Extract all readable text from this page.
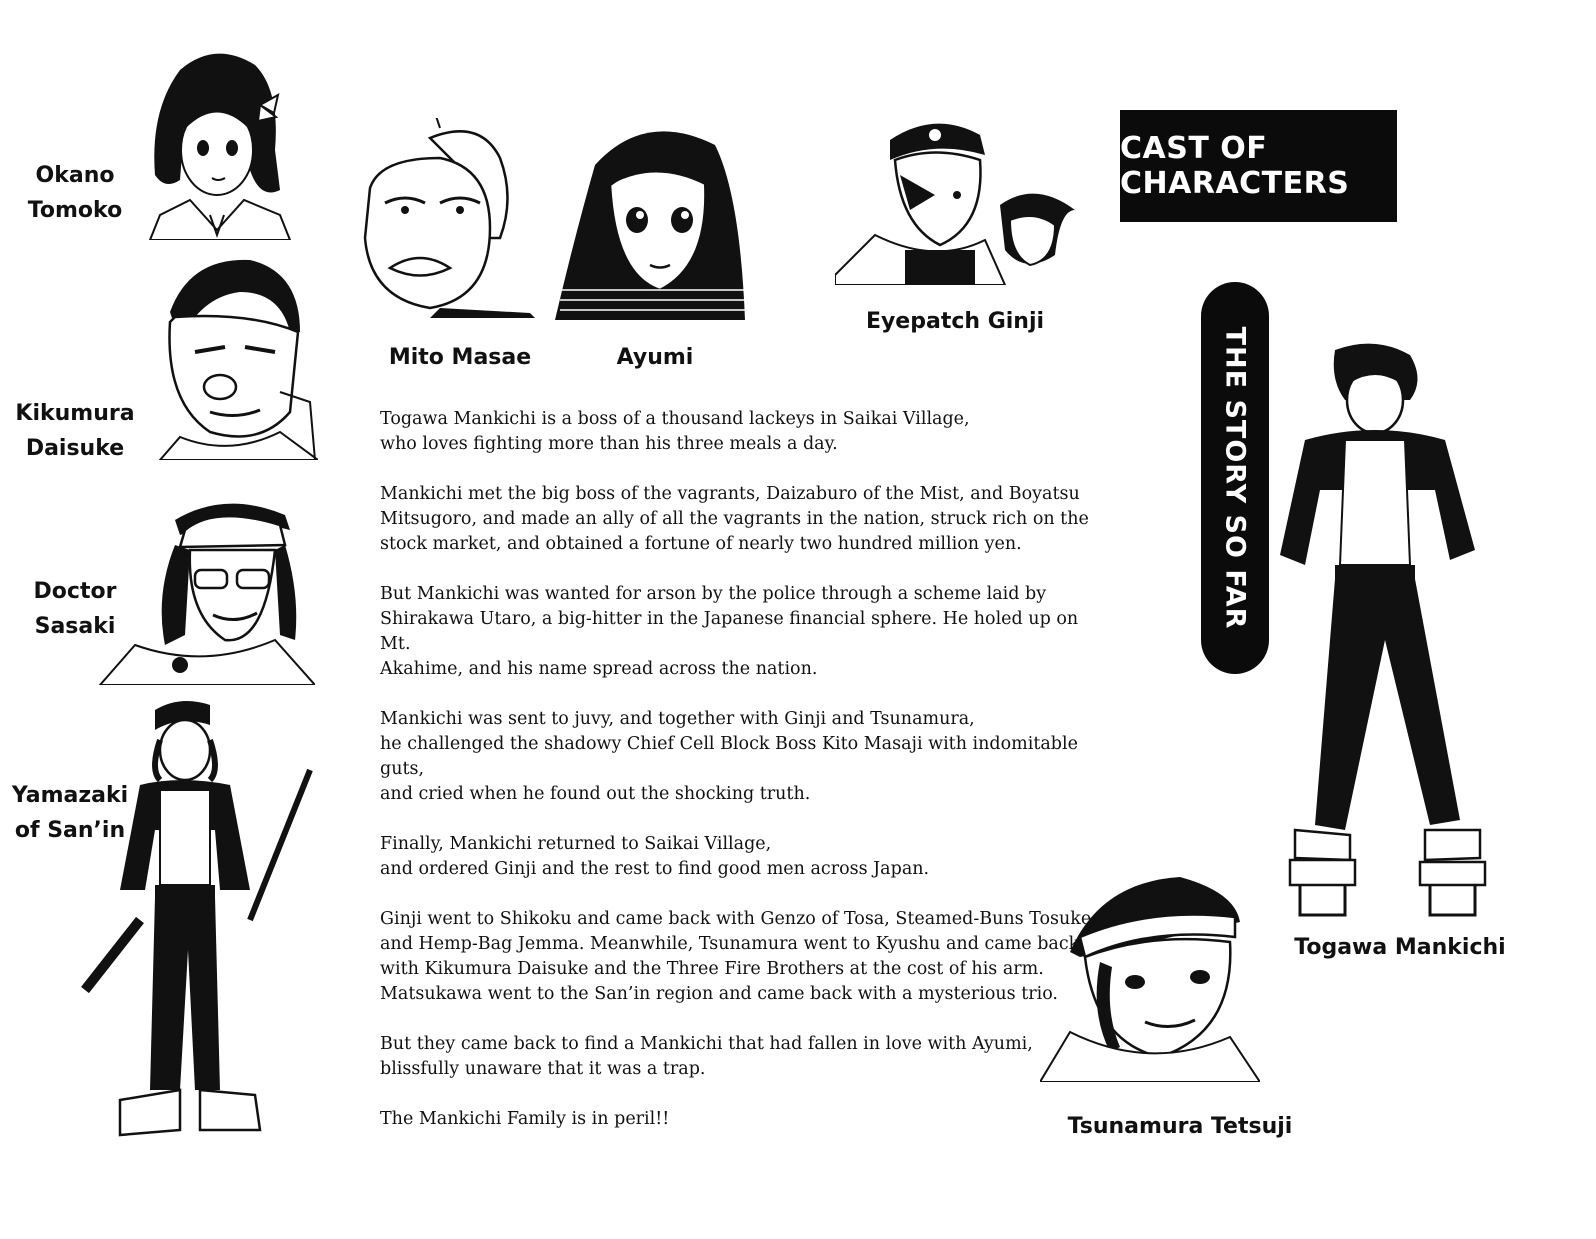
Okano
Tomoko
Kikumura
Daisuke
Doctor
Sasaki
Yamazaki
of San’in
Mito Masae	Ayumi
Eyepatch Ginji
Togawa Mankichi
Tsunamura Tetsuji
CAST OF CHARACTERS
THE STORY SO FAR

Togawa Mankichi is a boss of a thousand lackeys in Saikai Village,
who loves fighting more than his three meals a day.

Mankichi met the big boss of the vagrants, Daizaburo of the Mist, and Boyatsu
Mitsugoro, and made an ally of all the vagrants in the nation, struck rich on the
stock market, and obtained a fortune of nearly two hundred million yen.

But Mankichi was wanted for arson by the police through a scheme laid by
Shirakawa Utaro, a big-hitter in the Japanese financial sphere. He holed up on Mt.
Akahime, and his name spread across the nation.

Mankichi was sent to juvy, and together with Ginji and Tsunamura,
he challenged the shadowy Chief Cell Block Boss Kito Masaji with indomitable guts,
and cried when he found out the shocking truth.

Finally, Mankichi returned to Saikai Village,
and ordered Ginji and the rest to find good men across Japan.

Ginji went to Shikoku and came back with Genzo of Tosa, Steamed-Buns Tosuke,
and Hemp-Bag Jemma. Meanwhile, Tsunamura went to Kyushu and came back
with Kikumura Daisuke and the Three Fire Brothers at the cost of his arm.
Matsukawa went to the San’in region and came back with a mysterious trio.

But they came back to find a Mankichi that had fallen in love with Ayumi,
blissfully unaware that it was a trap.

The Mankichi Family is in peril!!
